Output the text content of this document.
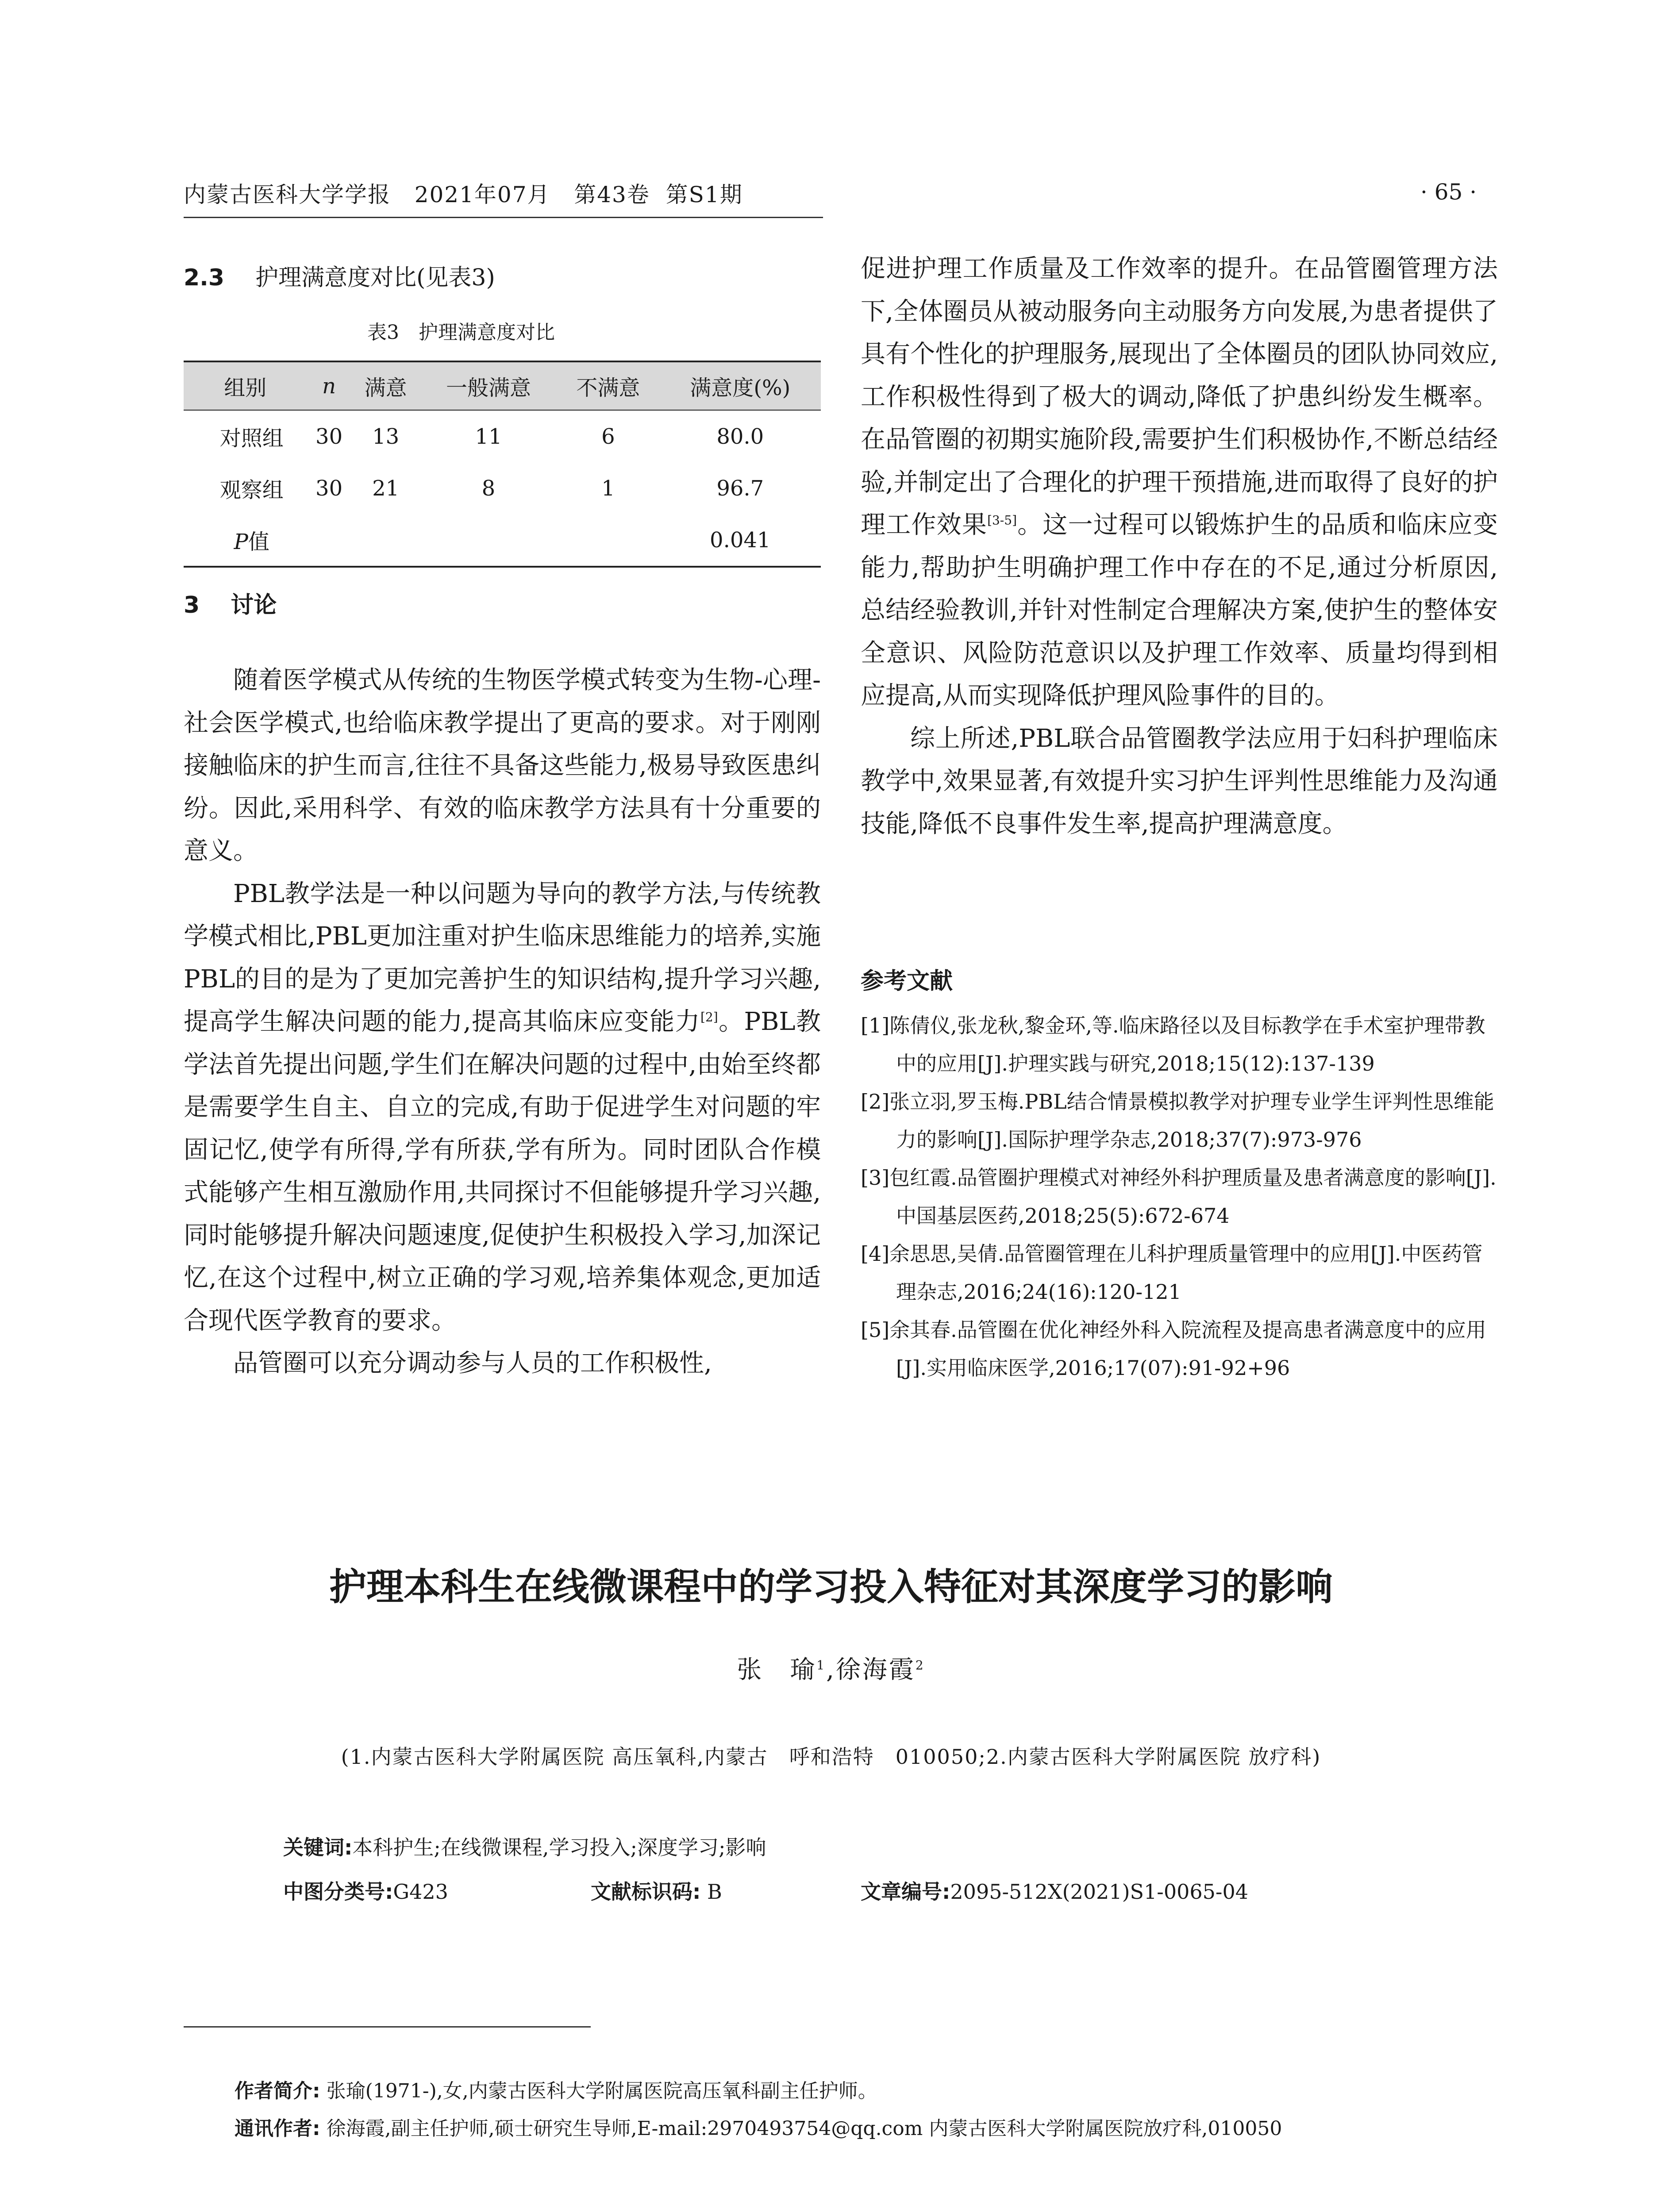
内蒙古医科大学学报 2021年07月 第43卷 第S1期	· 65 ·
2.3 护理满意度对比(见表3)
表3　护理满意度对比
组别	n	满意	一般满意	不满意	满意度(%)
对照组	30	13	11	6	80.0
观察组	30	21	8	1	96.7
P值					0.041
3 讨论

随着医学模式从传统的生物医学模式转变为生物-心理-社会医学模式,也给临床教学提出了更高的要求。对于刚刚接触临床的护生而言,往往不具备这些能力,极易导致医患纠纷。因此,采用科学、有效的临床教学方法具有十分重要的意义。

PBL教学法是一种以问题为导向的教学方法,与传统教学模式相比,PBL更加注重对护生临床思维能力的培养,实施PBL的目的是为了更加完善护生的知识结构,提升学习兴趣,提高学生解决问题的能力,提高其临床应变能力[2]。PBL教学法首先提出问题,学生们在解决问题的过程中,由始至终都是需要学生自主、自立的完成,有助于促进学生对问题的牢固记忆,使学有所得,学有所获,学有所为。同时团队合作模式能够产生相互激励作用,共同探讨不但能够提升学习兴趣,同时能够提升解决问题速度,促使护生积极投入学习,加深记忆,在这个过程中,树立正确的学习观,培养集体观念,更加适合现代医学教育的要求。

品管圈可以充分调动参与人员的工作积极性,

促进护理工作质量及工作效率的提升。在品管圈管理方法下,全体圈员从被动服务向主动服务方向发展,为患者提供了具有个性化的护理服务,展现出了全体圈员的团队协同效应,工作积极性得到了极大的调动,降低了护患纠纷发生概率。在品管圈的初期实施阶段,需要护生们积极协作,不断总结经验,并制定出了合理化的护理干预措施,进而取得了良好的护理工作效果[3-5]。这一过程可以锻炼护生的品质和临床应变能力,帮助护生明确护理工作中存在的不足,通过分析原因,总结经验教训,并针对性制定合理解决方案,使护生的整体安全意识、风险防范意识以及护理工作效率、质量均得到相应提高,从而实现降低护理风险事件的目的。

综上所述,PBL联合品管圈教学法应用于妇科护理临床教学中,效果显著,有效提升实习护生评判性思维能力及沟通技能,降低不良事件发生率,提高护理满意度。

参考文献

[1]陈倩仪,张龙秋,黎金环,等.临床路径以及目标教学在手术室护理带教中的应用[J].护理实践与研究,2018;15(12):137-139

[2]张立羽,罗玉梅.PBL结合情景模拟教学对护理专业学生评判性思维能力的影响[J].国际护理学杂志,2018;37(7):973-976

[3]包红霞.品管圈护理模式对神经外科护理质量及患者满意度的影响[J].中国基层医药,2018;25(5):672-674

[4]余思思,吴倩.品管圈管理在儿科护理质量管理中的应用[J].中医药管理杂志,2016;24(16):120-121

[5]余其春.品管圈在优化神经外科入院流程及提高患者满意度中的应用[J].实用临床医学,2016;17(07):91-92+96

护理本科生在线微课程中的学习投入特征对其深度学习的影响
张　瑜$^1$,徐海霞$^2$
(1.内蒙古医科大学附属医院 高压氧科,内蒙古　呼和浩特　010050;2.内蒙古医科大学附属医院 放疗科)
关键词:本科护生;在线微课程,学习投入;深度学习;影响
中图分类号:G423	文献标识码: B	文章编号:2095-512X(2021)S1-0065-04
作者简介: 张瑜(1971-),女,内蒙古医科大学附属医院高压氧科副主任护师。
通讯作者: 徐海霞,副主任护师,硕士研究生导师,E-mail:2970493754@qq.com 内蒙古医科大学附属医院放疗科,010050
